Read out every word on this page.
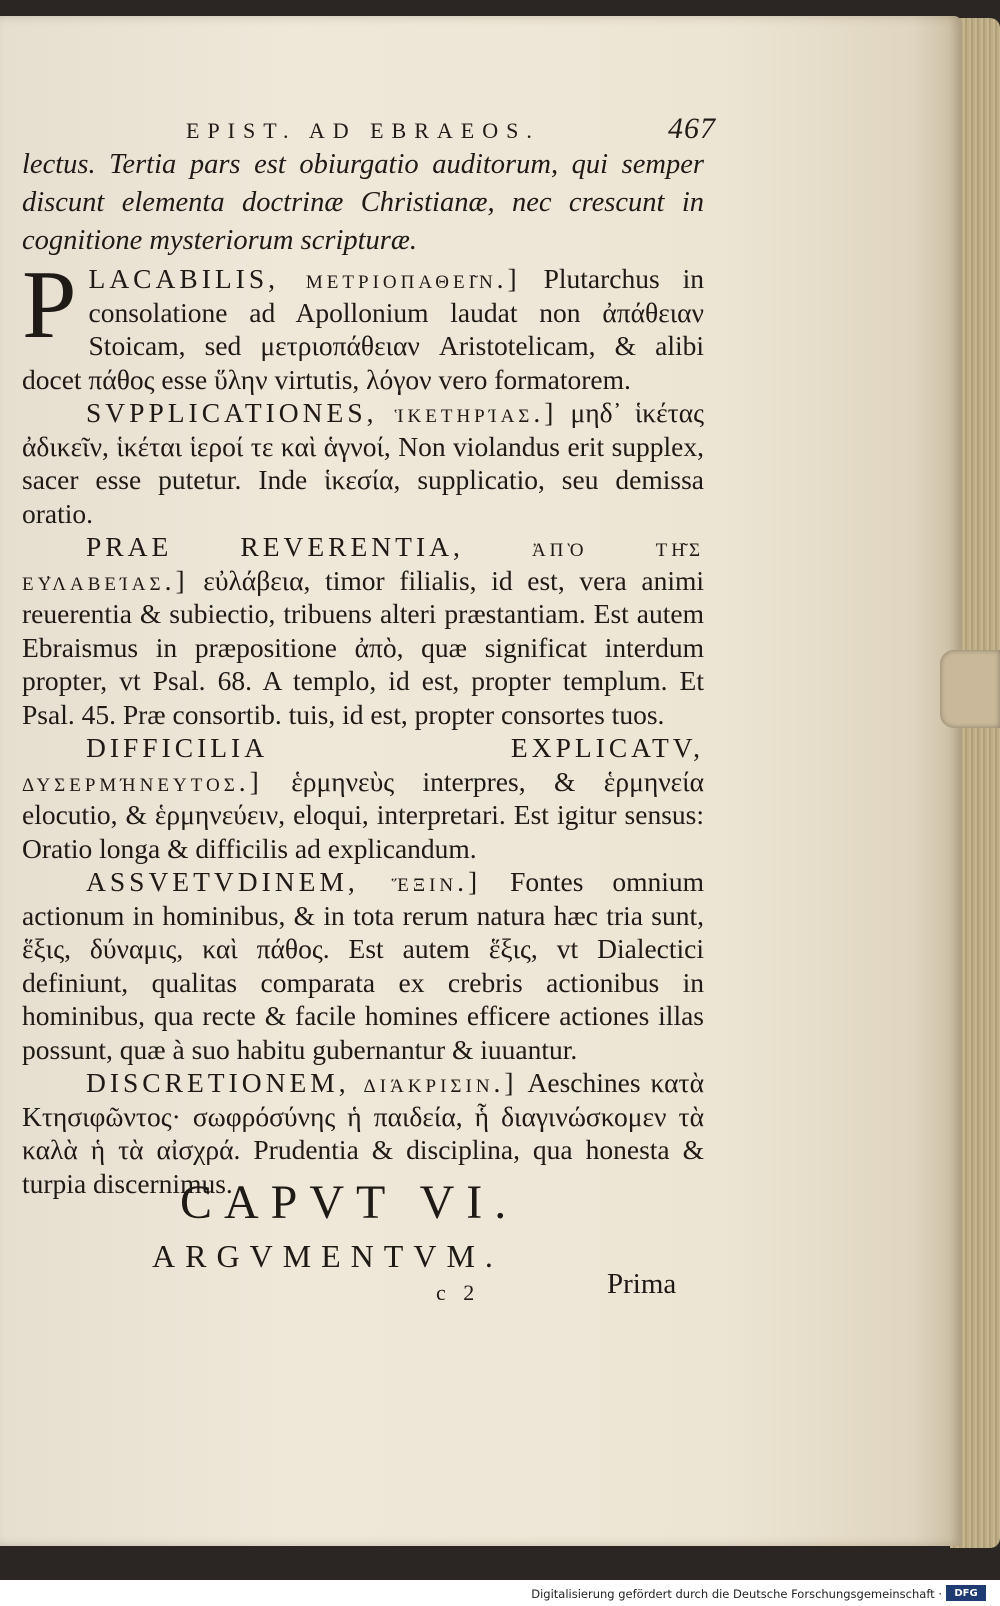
EPIST. AD EBRAEOS.	467
lectus. Tertia pars est obiurgatio auditorum, qui semper discunt elementa doctrinæ Christianæ, nec crescunt in cognitione mysteriorum scripturæ.

PLACABILIS, μετριοπαθεῖν.] Plutarchus in consolatione ad Apollonium laudat non ἀπάθειαν Stoicam, sed μετριοπάθειαν Aristotelicam, & alibi docet πάθος esse ὕλην virtutis, λόγον vero formatorem.

SVPPLICATIONES, ἱκετηρίας.] μηδ᾽ ἱκέτας ἀδικεῖν, ἱκέται ἱεροί τε καὶ ἁγνοί, Non violandus erit supplex, sacer esse putetur. Inde ἱκεσία, supplicatio, seu demissa oratio.

PRAE REVERENTIA, ἀπὸ τῆς εὐλαβείας.] εὐλάβεια, timor filialis, id est, vera animi reuerentia & subiectio, tribuens alteri præstantiam. Est autem Ebraismus in præpositione ἀπὸ, quæ significat interdum propter, vt Psal. 68. A templo, id est, propter templum. Et Psal. 45. Præ consortib. tuis, id est, propter consortes tuos.

DIFFICILIA EXPLICATV, δυσερμήνευτος.] ἑρμηνεὺς interpres, & ἑρμηνεία elocutio, & ἑρμηνεύειν, eloqui, interpretari. Est igitur sensus: Oratio longa & difficilis ad explicandum.

ASSVETVDINEM, ἕξιν.] Fontes omnium actionum in hominibus, & in tota rerum natura hæc tria sunt, ἕξις, δύναμις, καὶ πάθος. Est autem ἕξις, vt Dialectici definiunt, qualitas comparata ex crebris actionibus in hominibus, qua recte & facile homines efficere actiones illas possunt, quæ à suo habitu gubernantur & iuuantur.

DISCRETIONEM, διάκρισιν.] Aeschines κατὰ Κτησιφῶντος· σωφρόσύνης ἡ παιδεία, ἧ διαγινώσκομεν τὰ καλὰ ἡ τὰ αἰσχρά. Prudentia & disciplina, qua honesta & turpia discernimus.

CAPVT VI.
ARGVMENTVM.
c 2	Prima
Digitalisierung gefördert durch die Deutsche Forschungsgemeinschaft ·	DFG
